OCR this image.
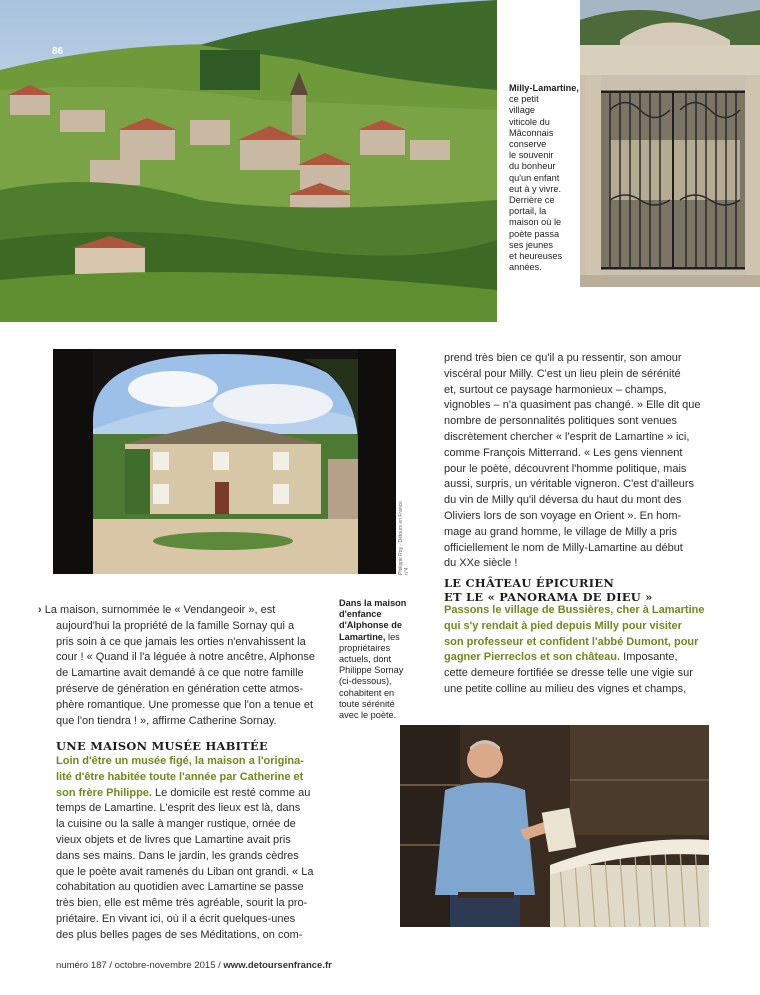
86
Milly-Lamartine,
ce petit
village
viticole du
Mâconnais
conserve
le souvenir
du bonheur
qu'un enfant
eut à y vivre.
Derrière ce
portail, la
maison où le
poète passa
ses jeunes
et heureuses
années.
Philippe Roy · Détours en France n°4
Dans la maison
d'enfance
d'Alphonse de
Lamartine, les
propriétaires
actuels, dont
Philippe Sornay
(ci-dessous),
cohabitent en
toute sérénité
avec le poète.
prend très bien ce qu'il a pu ressentir, son amour
viscéral pour Milly. C'est un lieu plein de sérénité
et, surtout ce paysage harmonieux – champs,
vignobles – n'a quasiment pas changé. » Elle dit que
nombre de personnalités politiques sont venues
discrètement chercher « l'esprit de Lamartine » ici,
comme François Mitterrand. « Les gens viennent
pour le poète, découvrent l'homme politique, mais
aussi, surpris, un véritable vigneron. C'est d'ailleurs
du vin de Milly qu'il déversa du haut du mont des
Oliviers lors de son voyage en Orient ». En hom-
mage au grand homme, le village de Milly a pris
officiellement le nom de Milly-Lamartine au début
du XXe siècle !
LE CHÂTEAU ÉPICURIEN
ET LE « PANORAMA DE DIEU »
Passons le village de Bussières, cher à Lamartine
qui s'y rendait à pied depuis Milly pour visiter
son professeur et confident l'abbé Dumont, pour
gagner Pierreclos et son château. Imposante,
cette demeure fortifiée se dresse telle une vigie sur
une petite colline au milieu des vignes et champs,
› La maison, surnommée le « Vendangeoir », est
aujourd'hui la propriété de la famille Sornay qui a
pris soin à ce que jamais les orties n'envahissent la
cour ! « Quand il l'a léguée à notre ancêtre, Alphonse
de Lamartine avait demandé à ce que notre famille
préserve de génération en génération cette atmos-
phère romantique. Une promesse que l'on a tenue et
que l'on tiendra ! », affirme Catherine Sornay.
UNE MAISON MUSÉE HABITÉE
Loin d'être un musée figé, la maison a l'origina-
lité d'être habitée toute l'année par Catherine et
son frère Philippe. Le domicile est resté comme au
temps de Lamartine. L'esprit des lieux est là, dans
la cuisine ou la salle à manger rustique, ornée de
vieux objets et de livres que Lamartine avait pris
dans ses mains. Dans le jardin, les grands cèdres
que le poète avait ramenés du Liban ont grandi. « La
cohabitation au quotidien avec Lamartine se passe
très bien, elle est même très agréable, sourit la pro-
priétaire. En vivant ici, où il a écrit quelques-unes
des plus belles pages de ses Méditations, on com-
numéro 187 / octobre-novembre 2015 / www.detoursenfrance.fr
